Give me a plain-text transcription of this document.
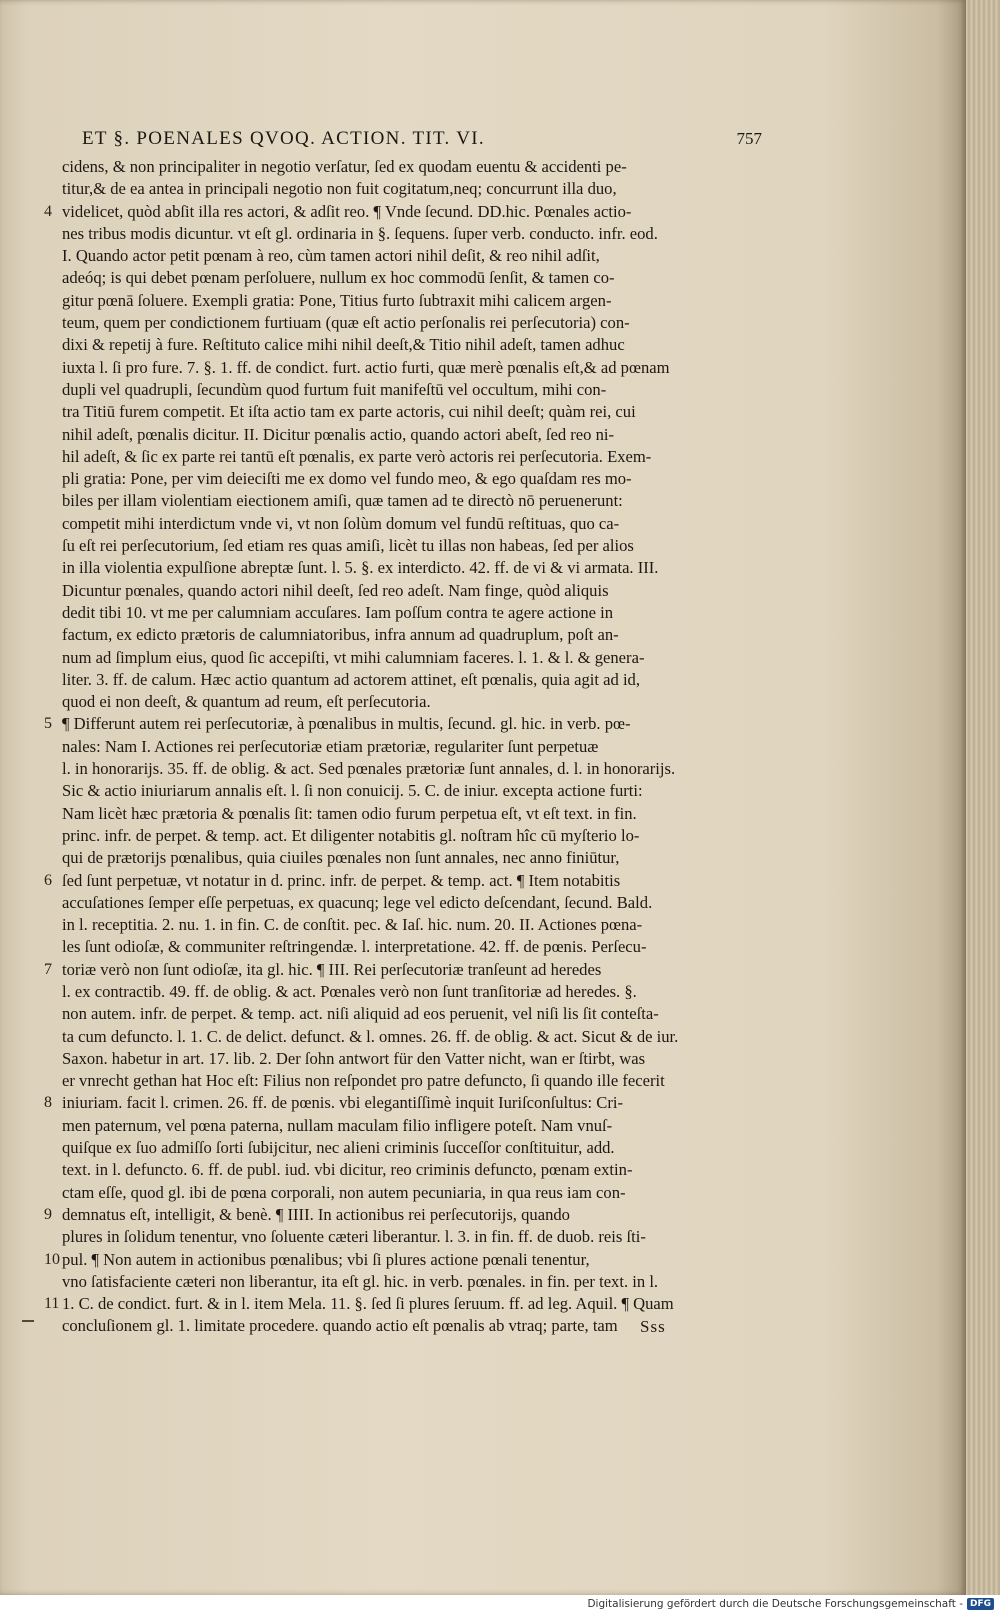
ET §. POENALES QVOQ. ACTION. TIT. VI.	757
cidens, & non principaliter in negotio verſatur, ſed ex quodam euentu & accidenti pe-
titur,& de ea antea in principali negotio non fuit cogitatum,neq; concurrunt illa duo,
4 videlicet, quòd abſit illa res actori, & adſit reo. ¶ Vnde ſecund. DD.hic. Pœnales actio-
nes tribus modis dicuntur. vt eſt gl. ordinaria in §. ſequens. ſuper verb. conducto. infr. eod.
I. Quando actor petit pœnam à reo, cùm tamen actori nihil deſit, & reo nihil adſit,
adeóq; is qui debet pœnam perſoluere, nullum ex hoc commodū ſenſit, & tamen co-
gitur pœnā ſoluere. Exempli gratia: Pone, Titius furto ſubtraxit mihi calicem argen-
teum, quem per condictionem furtiuam (quæ eſt actio perſonalis rei perſecutoria) con-
dixi & repetij à fure. Reſtituto calice mihi nihil deeſt,& Titio nihil adeſt, tamen adhuc
iuxta l. ſi pro fure. 7. §. 1. ff. de condict. furt. actio furti, quæ merè pœnalis eſt,& ad pœnam
dupli vel quadrupli, ſecundùm quod furtum fuit manifeſtū vel occultum, mihi con-
tra Titiū furem competit. Et iſta actio tam ex parte actoris, cui nihil deeſt; quàm rei, cui
nihil adeſt, pœnalis dicitur. II. Dicitur pœnalis actio, quando actori abeſt, ſed reo ni-
hil adeſt, & ſic ex parte rei tantū eſt pœnalis, ex parte verò actoris rei perſecutoria. Exem-
pli gratia: Pone, per vim deieciſti me ex domo vel fundo meo, & ego quaſdam res mo-
biles per illam violentiam eiectionem amiſi, quæ tamen ad te directò nō peruenerunt:
competit mihi interdictum vnde vi, vt non ſolùm domum vel fundū reſtituas, quo ca-
ſu eſt rei perſecutorium, ſed etiam res quas amiſi, licèt tu illas non habeas, ſed per alios
in illa violentia expulſione abreptæ ſunt. l. 5. §. ex interdicto. 42. ff. de vi & vi armata. III.
Dicuntur pœnales, quando actori nihil deeſt, ſed reo adeſt. Nam finge, quòd aliquis
dedit tibi 10. vt me per calumniam accuſares. Iam poſſum contra te agere actione in
factum, ex edicto prætoris de calumniatoribus, infra annum ad quadruplum, poſt an-
num ad ſimplum eius, quod ſic accepiſti, vt mihi calumniam faceres. l. 1. & l. & genera-
liter. 3. ff. de calum. Hæc actio quantum ad actorem attinet, eſt pœnalis, quia agit ad id,
quod ei non deeſt, & quantum ad reum, eſt perſecutoria.
5 ¶ Differunt autem rei perſecutoriæ, à pœnalibus in multis, ſecund. gl. hic. in verb. pœ-
nales: Nam I. Actiones rei perſecutoriæ etiam prætoriæ, regulariter ſunt perpetuæ
l. in honorarijs. 35. ff. de oblig. & act. Sed pœnales prætoriæ ſunt annales, d. l. in honorarijs.
Sic & actio iniuriarum annalis eſt. l. ſi non conuicij. 5. C. de iniur. excepta actione furti:
Nam licèt hæc prætoria & pœnalis ſit: tamen odio furum perpetua eſt, vt eſt text. in fin.
princ. infr. de perpet. & temp. act. Et diligenter notabitis gl. noſtram hîc cū myſterio lo-
qui de prætorijs pœnalibus, quia ciuiles pœnales non ſunt annales, nec anno finiūtur,
6 ſed ſunt perpetuæ, vt notatur in d. princ. infr. de perpet. & temp. act. ¶ Item notabitis
accuſationes ſemper eſſe perpetuas, ex quacunq; lege vel edicto deſcendant, ſecund. Bald.
in l. receptitia. 2. nu. 1. in fin. C. de conſtit. pec. & Iaſ. hic. num. 20. II. Actiones pœna-
les ſunt odioſæ, & communiter reſtringendæ. l. interpretatione. 42. ff. de pœnis. Perſecu-
7 toriæ verò non ſunt odioſæ, ita gl. hic. ¶ III. Rei perſecutoriæ tranſeunt ad heredes
l. ex contractib. 49. ff. de oblig. & act. Pœnales verò non ſunt tranſitoriæ ad heredes. §.
non autem. infr. de perpet. & temp. act. niſi aliquid ad eos peruenit, vel niſi lis ſit conteſta-
ta cum defuncto. l. 1. C. de delict. defunct. & l. omnes. 26. ff. de oblig. & act. Sicut & de iur.
Saxon. habetur in art. 17. lib. 2. Der ſohn antwort für den Vatter nicht, wan er ſtirbt, was
er vnrecht gethan hat Hoc eſt: Filius non reſpondet pro patre defuncto, ſi quando ille fecerit
8 iniuriam. facit l. crimen. 26. ff. de pœnis. vbi elegantiſſimè inquit Iuriſconſultus: Cri-
men paternum, vel pœna paterna, nullam maculam filio infligere poteſt. Nam vnuſ-
quiſque ex ſuo admiſſo ſorti ſubijcitur, nec alieni criminis ſucceſſor conſtituitur, add.
text. in l. defuncto. 6. ff. de publ. iud. vbi dicitur, reo criminis defuncto, pœnam extin-
ctam eſſe, quod gl. ibi de pœna corporali, non autem pecuniaria, in qua reus iam con-
9 demnatus eſt, intelligit, & benè. ¶ IIII. In actionibus rei perſecutorijs, quando
plures in ſolidum tenentur, vno ſoluente cæteri liberantur. l. 3. in fin. ff. de duob. reis ſti-
10 pul. ¶ Non autem in actionibus pœnalibus; vbi ſi plures actione pœnali tenentur,
vno ſatisfaciente cæteri non liberantur, ita eſt gl. hic. in verb. pœnales. in fin. per text. in l.
11 1. C. de condict. furt. & in l. item Mela. 11. §. ſed ſi plures ſeruum. ff. ad leg. Aquil. ¶ Quam
concluſionem gl. 1. limitate procedere. quando actio eſt pœnalis ab vtraq; parte, tam	Sss
Digitalisierung gefördert durch die Deutsche Forschungsgemeinschaft - DFG
